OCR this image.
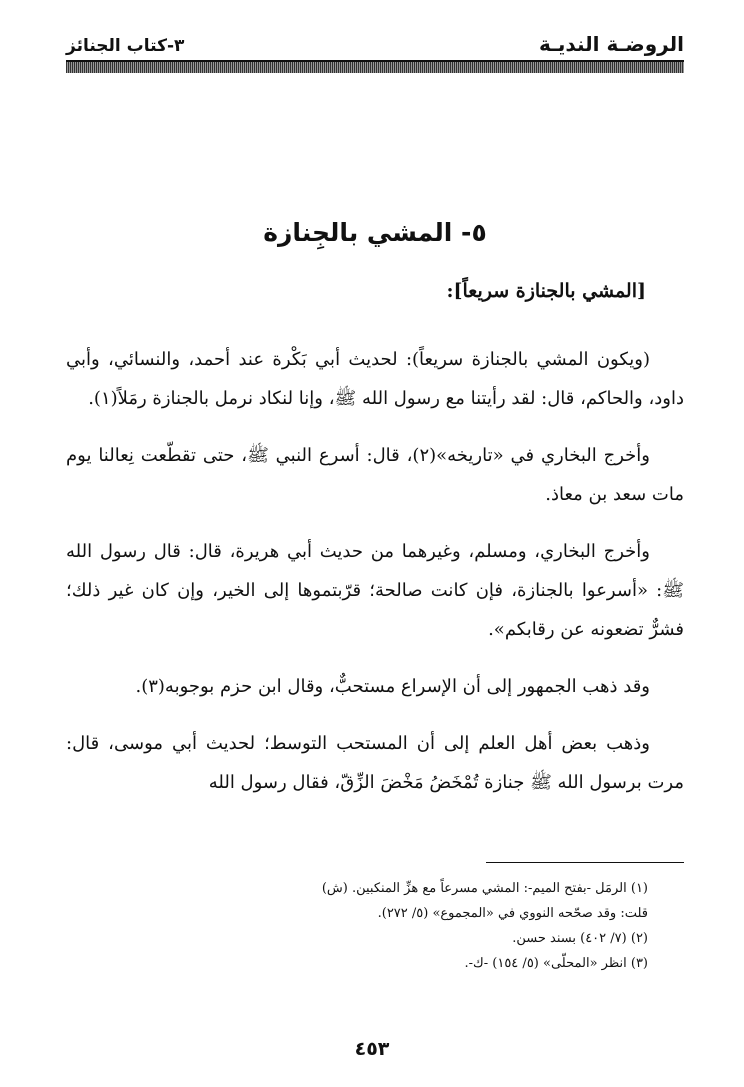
الروضـة النديـة
٣-كتاب الجنائز
٥- المشي بالجِنازة
[المشي بالجنازة سريعاً]:

(ويكون المشي بالجنازة سريعاً): لحديث أبي بَكْرة عند أحمد، والنسائي، وأبي داود، والحاكم، قال: لقد رأيتنا مع رسول الله ﷺ، وإنا لنكاد نرمل بالجنازة رمَلاً(١).

وأخرج البخاري في «تاريخه»(٢)، قال: أسرع النبي ﷺ، حتى تقطّعت نِعالنا يوم مات سعد بن معاذ.

وأخرج البخاري، ومسلم، وغيرهما من حديث أبي هريرة، قال: قال رسول الله ﷺ: «أسرعوا بالجنازة، فإن كانت صالحة؛ قرّبتموها إلى الخير، وإن كان غير ذلك؛ فشرٌّ تضعونه عن رقابكم».

وقد ذهب الجمهور إلى أن الإسراع مستحبٌّ، وقال ابن حزم بوجوبه(٣).

وذهب بعض أهل العلم إلى أن المستحب التوسط؛ لحديث أبي موسى، قال: مرت برسول الله ﷺ جنازة تُمْخَضُ مَخْضَ الزِّقّ، فقال رسول الله

(١) الرمَل -بفتح الميم-: المشي مسرعاً مع هزِّ المنكبين. (ش)
قلت: وقد صحّحه النووي في «المجموع» (٥/ ٢٧٢).
(٢) (٧/ ٤٠٢) بسند حسن.
(٣) انظر «المحلّى» (٥/ ١٥٤) -ك-.
٤٥٣
